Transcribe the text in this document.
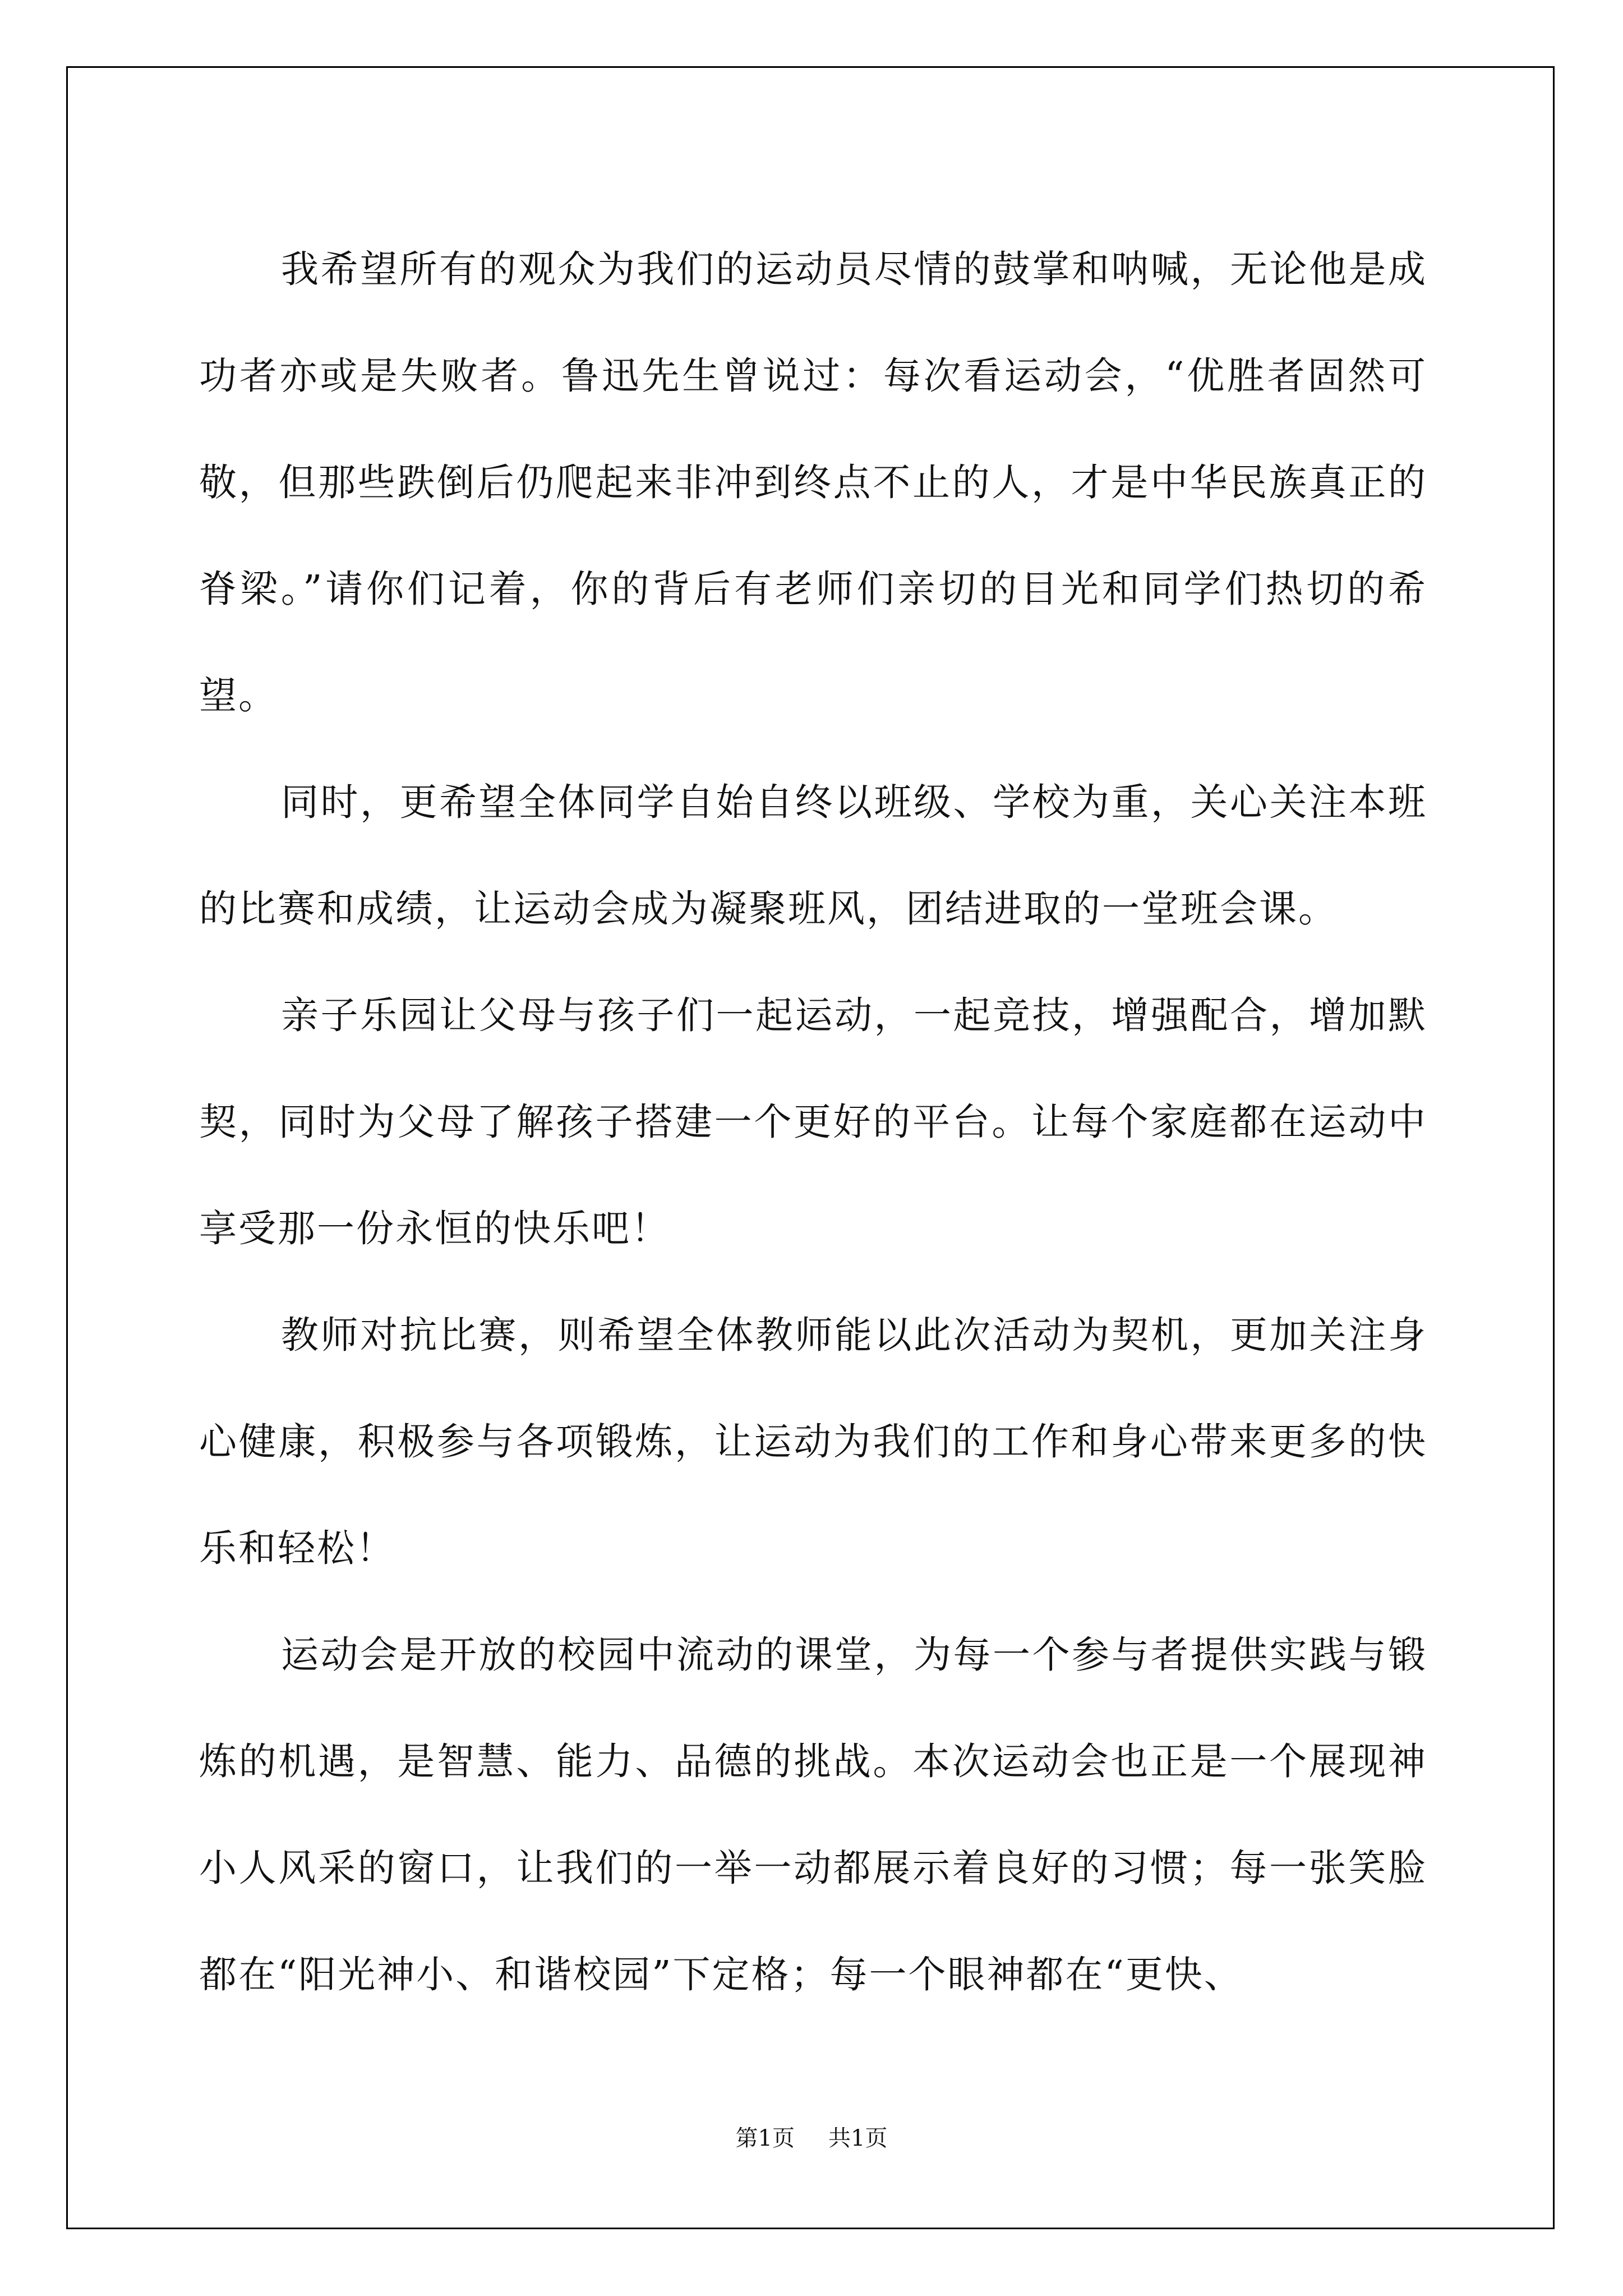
我希望所有的观众为我们的运动员尽情的鼓掌和呐喊，无论他是成功者亦或是失败者。鲁迅先生曾说过：每次看运动会，“优胜者固然可敬，但那些跌倒后仍爬起来非冲到终点不止的人，才是中华民族真正的脊梁。”请你们记着，你的背后有老师们亲切的目光和同学们热切的希望。

同时，更希望全体同学自始自终以班级、学校为重，关心关注本班的比赛和成绩，让运动会成为凝聚班风，团结进取的一堂班会课。

亲子乐园让父母与孩子们一起运动，一起竞技，增强配合，增加默契，同时为父母了解孩子搭建一个更好的平台。让每个家庭都在运动中享受那一份永恒的快乐吧！

教师对抗比赛，则希望全体教师能以此次活动为契机，更加关注身心健康，积极参与各项锻炼，让运动为我们的工作和身心带来更多的快乐和轻松！

运动会是开放的校园中流动的课堂，为每一个参与者提供实践与锻炼的机遇，是智慧、能力、品德的挑战。本次运动会也正是一个展现神小人风采的窗口，让我们的一举一动都展示着良好的习惯；每一张笑脸都在“阳光神小、和谐校园”下定格；每一个眼神都在“更快、

第1页 共1页
